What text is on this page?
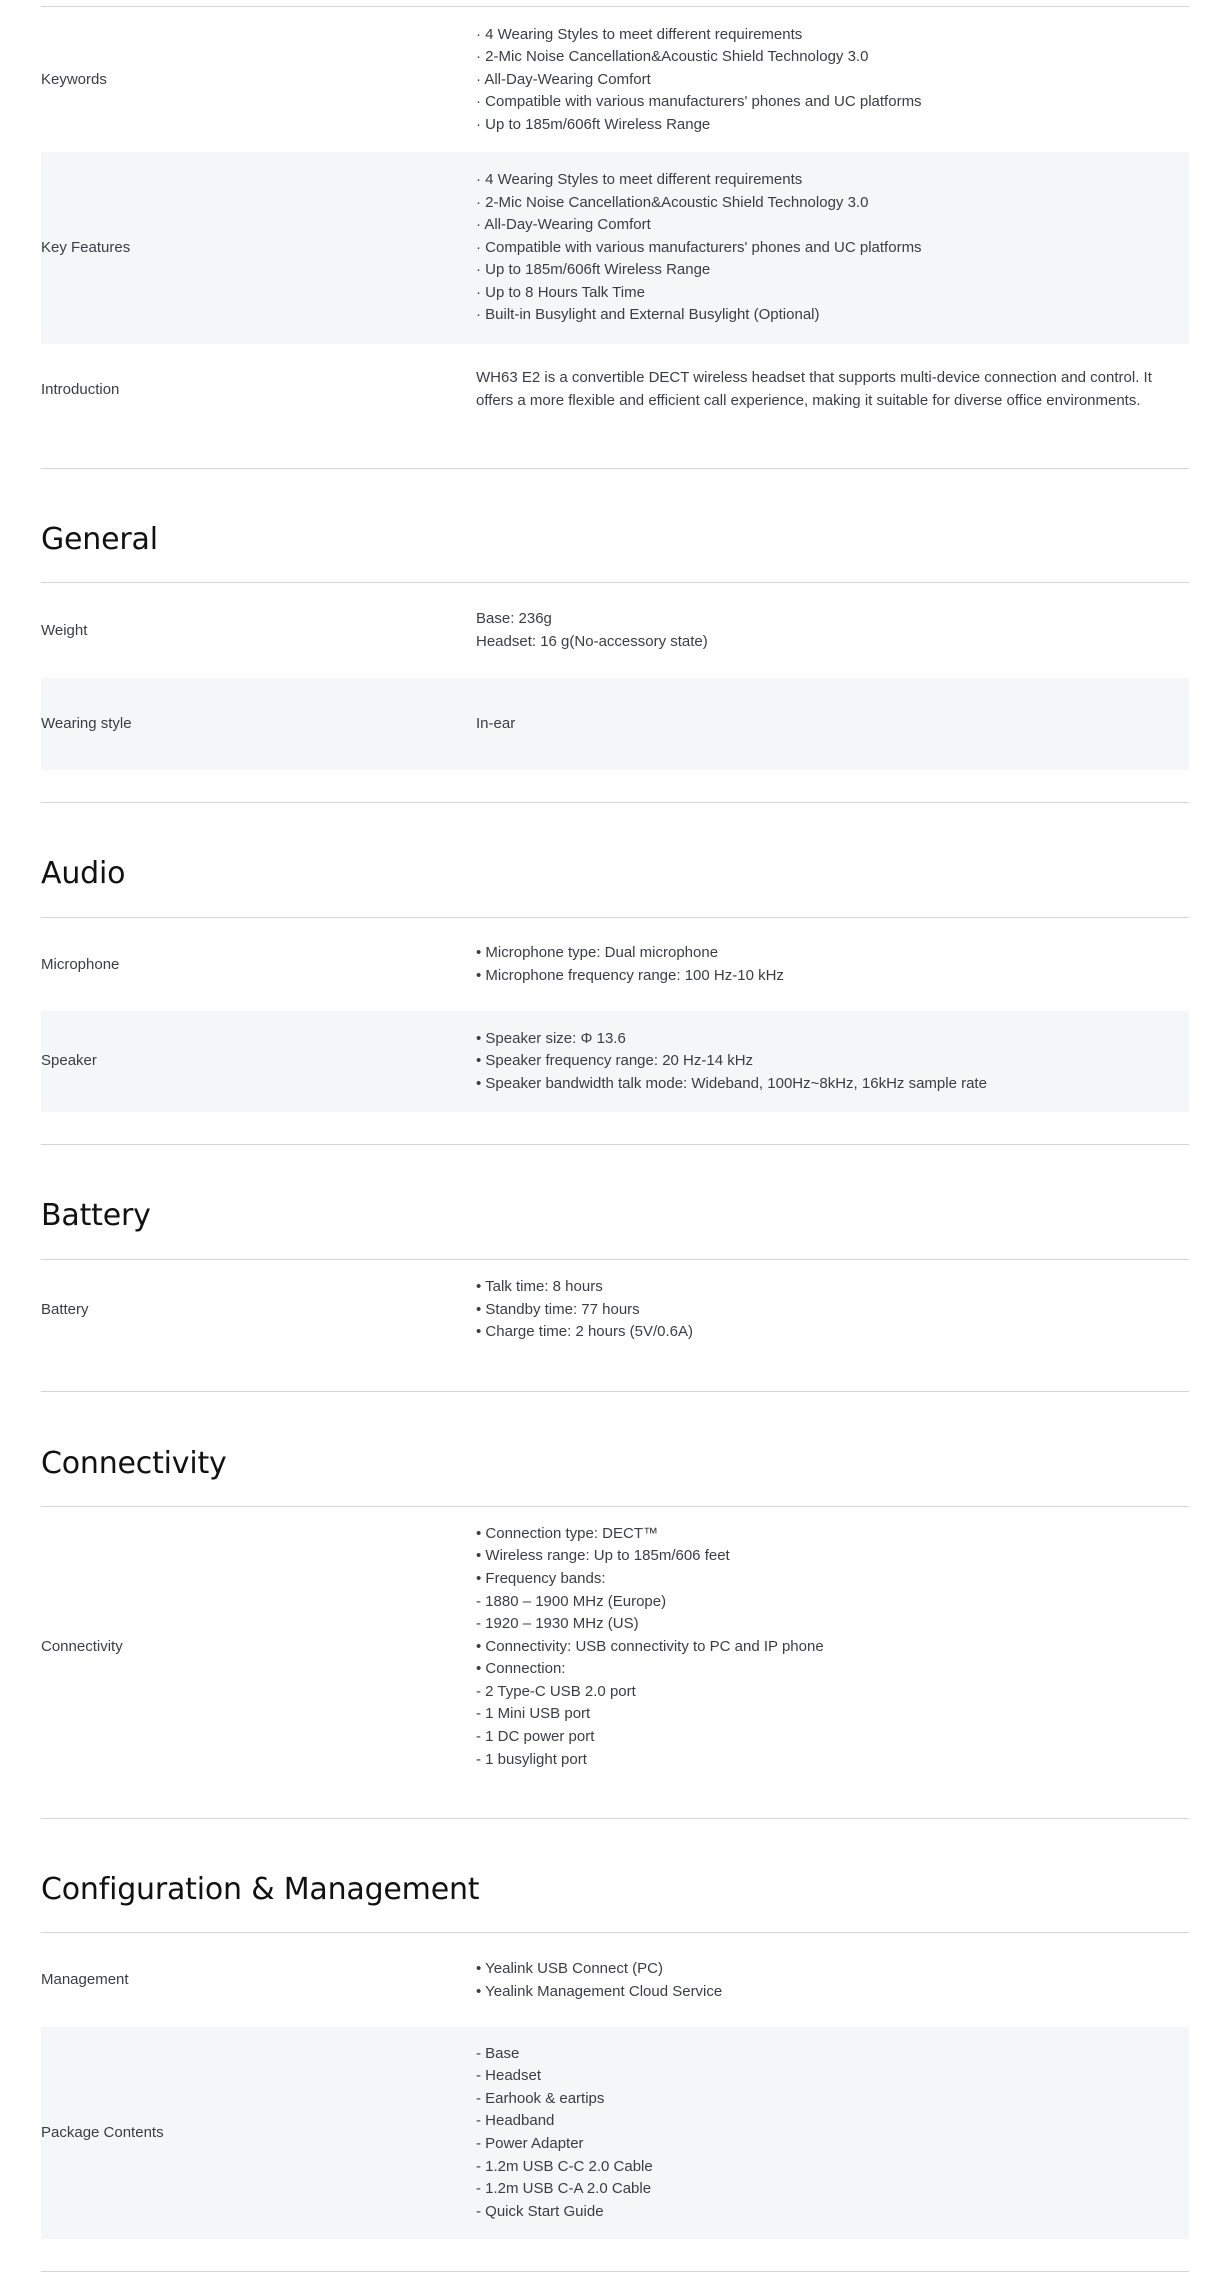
Keywords
· 4 Wearing Styles to meet different requirements
· 2-Mic Noise Cancellation&Acoustic Shield Technology 3.0
· All-Day-Wearing Comfort
· Compatible with various manufacturers' phones and UC platforms
· Up to 185m/606ft Wireless Range
Key Features
· 4 Wearing Styles to meet different requirements
· 2-Mic Noise Cancellation&Acoustic Shield Technology 3.0
· All-Day-Wearing Comfort
· Compatible with various manufacturers' phones and UC platforms
· Up to 185m/606ft Wireless Range
· Up to 8 Hours Talk Time
· Built-in Busylight and External Busylight (Optional)
Introduction
WH63 E2 is a convertible DECT wireless headset that supports multi-device connection and control. It offers a more flexible and efficient call experience, making it suitable for diverse office environments.
General
Weight
Base: 236g
Headset: 16 g(No-accessory state)
Wearing style	In-ear
Audio
Microphone
• Microphone type: Dual microphone
• Microphone frequency range: 100 Hz-10 kHz
Speaker
• Speaker size: Φ 13.6
• Speaker frequency range: 20 Hz-14 kHz
• Speaker bandwidth talk mode: Wideband, 100Hz~8kHz, 16kHz sample rate
Battery
Battery
• Talk time: 8 hours
• Standby time: 77 hours
• Charge time: 2 hours (5V/0.6A)
Connectivity
Connectivity
• Connection type: DECT™
• Wireless range: Up to 185m/606 feet
• Frequency bands:
- 1880 – 1900 MHz (Europe)
- 1920 – 1930 MHz (US)
• Connectivity: USB connectivity to PC and IP phone
• Connection:
- 2 Type-C USB 2.0 port
- 1 Mini USB port
- 1 DC power port
- 1 busylight port
Configuration & Management
Management
• Yealink USB Connect (PC)
• Yealink Management Cloud Service
Package Contents
- Base
- Headset
- Earhook & eartips
- Headband
- Power Adapter
- 1.2m USB C-C 2.0 Cable
- 1.2m USB C-A 2.0 Cable
- Quick Start Guide
